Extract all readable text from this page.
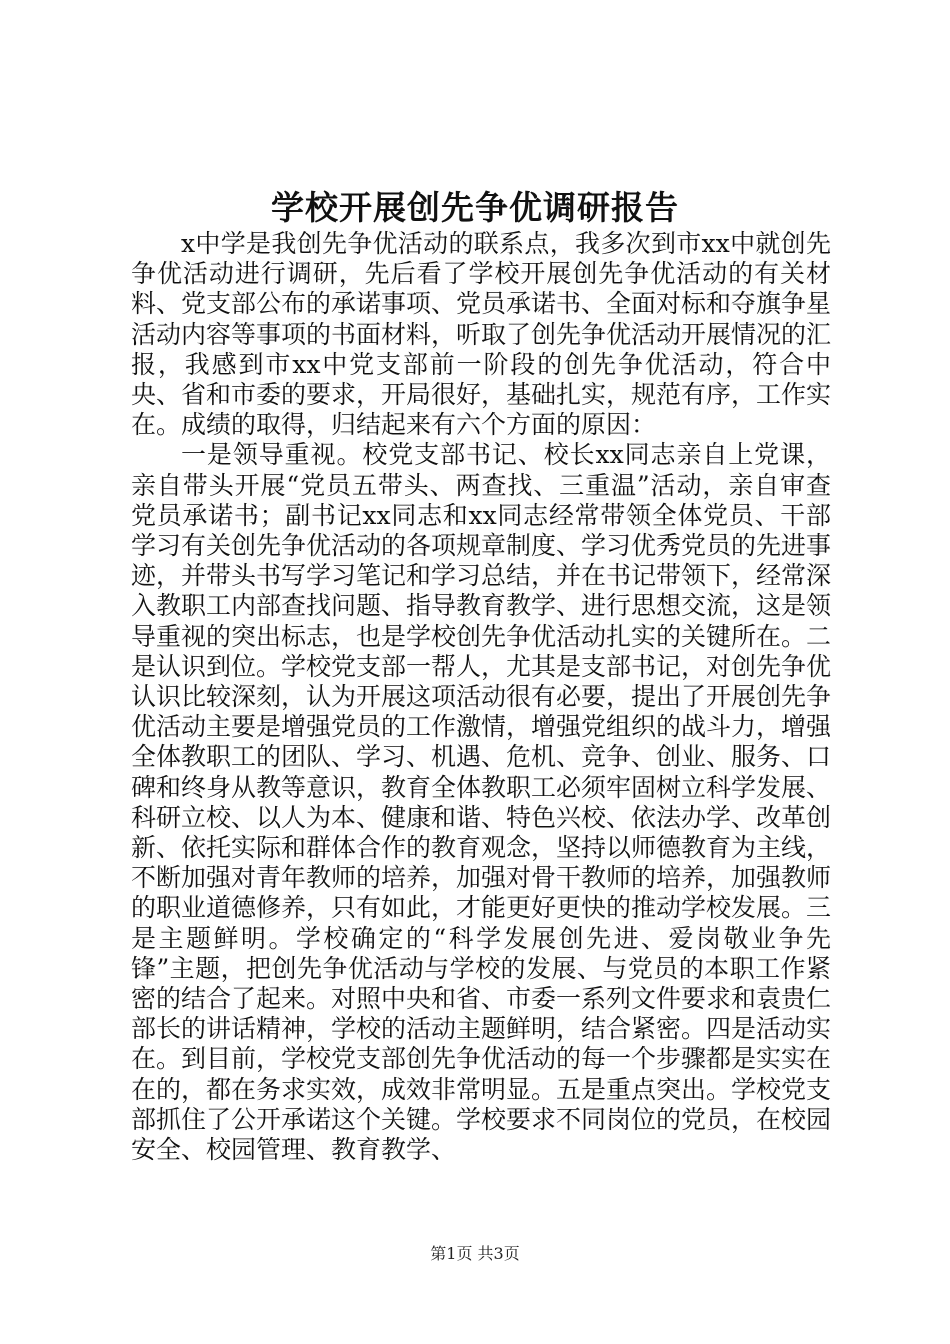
学校开展创先争优调研报告

x中学是我创先争优活动的联系点，我多次到市xx中就创先争优活动进行调研，先后看了学校开展创先争优活动的有关材料、党支部公布的承诺事项、党员承诺书、全面对标和夺旗争星活动内容等事项的书面材料，听取了创先争优活动开展情况的汇报，我感到市xx中党支部前一阶段的创先争优活动，符合中央、省和市委的要求，开局很好，基础扎实，规范有序，工作实在。成绩的取得，归结起来有六个方面的原因：

一是领导重视。校党支部书记、校长xx同志亲自上党课，亲自带头开展“党员五带头、两查找、三重温”活动，亲自审查党员承诺书；副书记xx同志和xx同志经常带领全体党员、干部学习有关创先争优活动的各项规章制度、学习优秀党员的先进事迹，并带头书写学习笔记和学习总结，并在书记带领下，经常深入教职工内部查找问题、指导教育教学、进行思想交流，这是领导重视的突出标志，也是学校创先争优活动扎实的关键所在。二是认识到位。学校党支部一帮人，尤其是支部书记，对创先争优认识比较深刻，认为开展这项活动很有必要，提出了开展创先争优活动主要是增强党员的工作激情，增强党组织的战斗力，增强全体教职工的团队、学习、机遇、危机、竞争、创业、服务、口碑和终身从教等意识，教育全体教职工必须牢固树立科学发展、科研立校、以人为本、健康和谐、特色兴校、依法办学、改革创新、依托实际和群体合作的教育观念，坚持以师德教育为主线，不断加强对青年教师的培养，加强对骨干教师的培养，加强教师的职业道德修养，只有如此，才能更好更快的推动学校发展。三是主题鲜明。学校确定的“科学发展创先进、爱岗敬业争先锋”主题，把创先争优活动与学校的发展、与党员的本职工作紧密的结合了起来。对照中央和省、市委一系列文件要求和袁贵仁部长的讲话精神，学校的活动主题鲜明，结合紧密。四是活动实在。到目前，学校党支部创先争优活动的每一个步骤都是实实在在的，都在务求实效，成效非常明显。五是重点突出。学校党支部抓住了公开承诺这个关键。学校要求不同岗位的党员，在校园安全、校园管理、教育教学、

第1页 共3页
